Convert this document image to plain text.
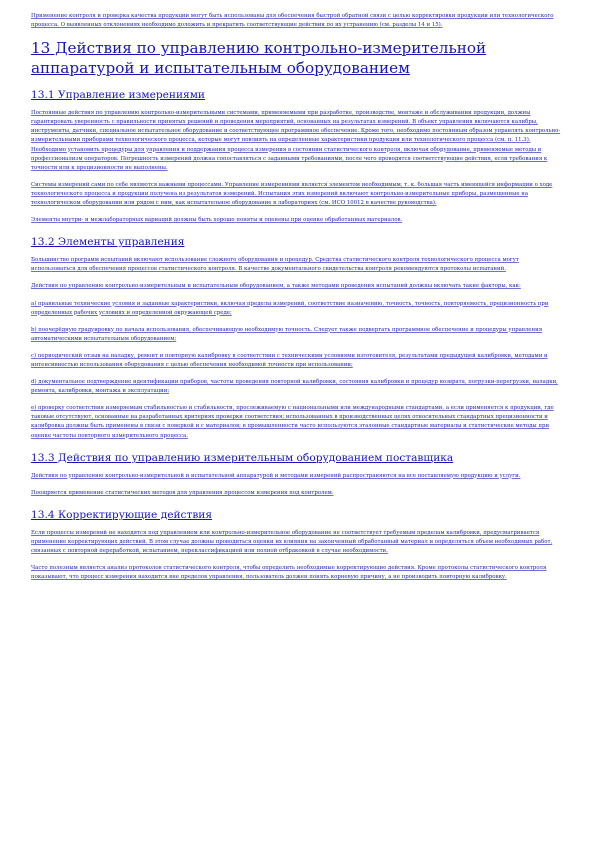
Применение контроля и проверка качества продукции могут быть использованы для обеспечения быстрой обратной связи с целью корректировки продукции или технологического процесса. О выявленных отклонениях необходимо доложить и прекратить соответствующие действия по их устранению (см. разделы 14 и 15).

13 Действия по управлению контрольно-измерительной аппаратурой и испытательным оборудованием
13.1 Управление измерениями

Постоянные действия по управлению контрольно-измерительными системами, применяемыми при разработке, производстве, монтаже и обслуживании продукции, должны гарантировать уверенность с правильности принятых решений и проведения мероприятий, основанных на результатах измерений. В объект управления включаются калибры, инструменты, датчики, специальное испытательное оборудование и соответствующее программное обеспечение. Кроме того, необходимо постоянным образом управлять контрольно-измерительными приборами технологического процесса, которые могут повлиять на определенные характеристики продукции или технологического процесса (см. п. 11.3). Необходимо установить процедуры для управления и поддержания процесса измерения в состоянии статистического контроля, включая оборудование, применяемые методы и профессионализм операторов. Погрешность измерений должна сопоставляться с заданными требованиями, после чего проводятся соответствующие действия, если требования к точности или к прецизионности не выполнены.

Системы измерений сами по себе являются важными процессами. Управление измерениями является элементом необходимым, т. к. большая часть имеющейся информации о ходе технологического процесса и продукции получена из результатов измерений. Испытания этих измерений включают контрольно-измерительные приборы, размещенные на технологическом оборудовании или рядом с ним, как испытательное оборудование в лабораториях (см. ИСО 10012 в качестве руководства).

Элементы внутри- и межлабораторных вариаций должны быть хорошо поняты и оценены при оценке обработанных материалов.

13.2 Элементы управления

Большинство программ испытаний включают использование сложного оборудования и процедур. Средства статистического контроля технологического процесса могут использоваться для обеспечения процессов статистического контроля. В качестве документального свидетельства контроля рекомендуются протоколы испытаний.

Действия по управлению контрольно-измерительным и испытательным оборудованием, а также методами проведения испытаний должны включать такие факторы, как:

a) правильные технические условия и заданные характеристики, включая пределы измерений, соответствие назначению, точность, точность, повторяемость, прецизионность при определенных рабочих условиях и определенной окружающей среде;

b) поочерёдную градуировку по начала использования, обеспечивающую необходимую точность. Следует также подвергать программное обеспечение и процедуры управления автоматическими испытательным оборудованием;

c) периодический отзыв на наладку, ремонт и повторную калибровку в соответствии с техническими условиями изготовителя, результатами предыдущей калибровки, методами и интенсивностью использования оборудования с целью обеспечения необходимой точности при использовании;

d) документальное подтверждение идентификации приборов, частоты проведения повторной калибровки, состояния калибровки и процедур возврата, погрузки-перегрузки, наладки, ремонта, калибровки, монтажа и эксплуатации;

e) проверку соответствия измеряемым стабильностью и стабильности, прослеживаемую с национальными или международными стандартами, а если применяется к продукции, где таковые отсутствуют, основанные на разработанных критериях проверки соответствия; использованных в производственных целях относительных стандартных прецизионности и калибровка должны быть применены в связи с поверкой и с материалов; в промышленности часто используются эталонные стандартные материалы и статистические методы при оценке частоты повторного измерительного процесса.

13.3 Действия по управлению измерительным оборудованием поставщика

Действия по управлению контрольно-измерительной и испытательной аппаратурой и методами измерений распространяются на все поставляемую продукцию и услуги.

Поощряется применение статистических методов для управления процессом измерения под контролем.

13.4 Корректирующие действия

Если процессы измерений не находятся под управлением или контрольно-измерительное оборудование не соответствует требуемым пределам калибровки, предусматривается применение корректирующих действий. В этом случае должны проводиться оценки их влияния на законченный обработанный материал и определяться объем необходимых работ, связанных с повторной переработкой, испытанием, переклассификацией или полной отбраковкой в случае необходимости.

Часто полезным является анализ протоколов статистического контроля, чтобы определить необходимые корректирующие действия. Кроме протоколы статистического контроля показывают, что процесс измерения находится вне пределов управления, пользователь должен понять корневую причину, а не производить повторную калибровку.
